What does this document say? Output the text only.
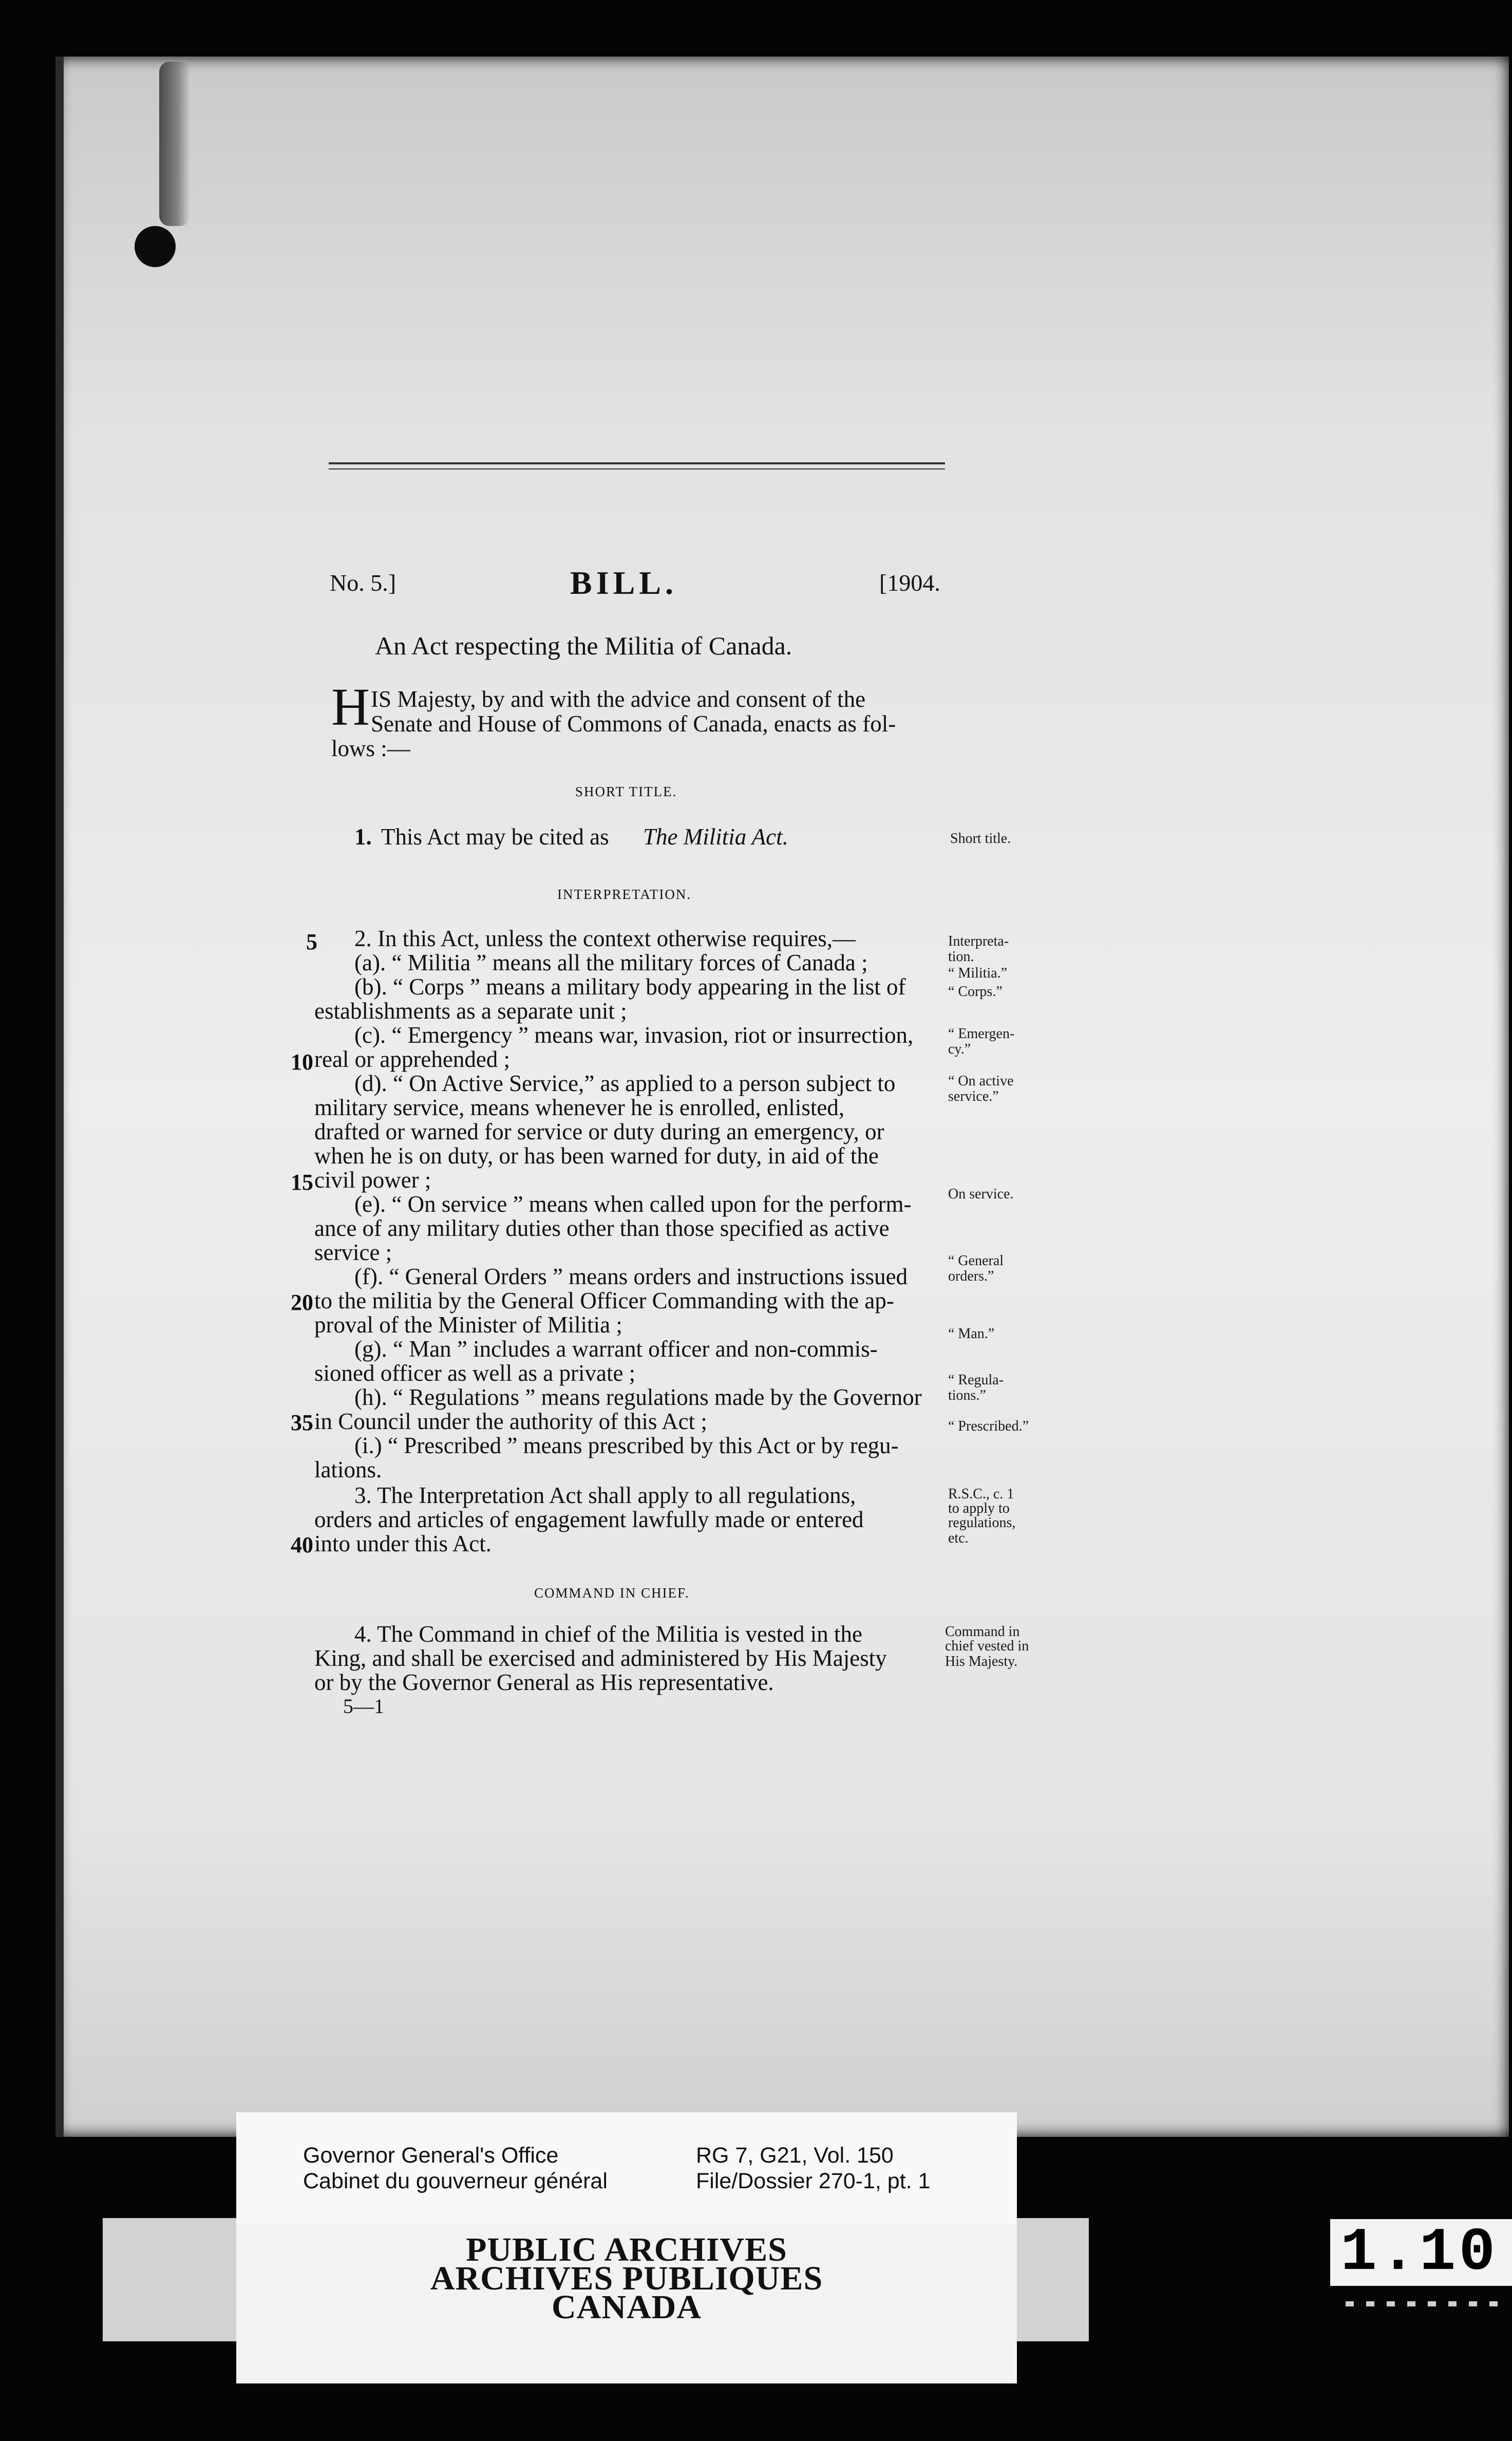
No. 5.]	BILL.	[1904.
An Act respecting the Militia of Canada.
H IS Majesty, by and with the advice and consent of the
Senate and House of Commons of Canada, enacts as fol-
lows :—
SHORT TITLE.
1. This Act may be cited as The Militia Act.	Short title.
INTERPRETATION.
2. In this Act, unless the context otherwise requires,—
(a). “ Militia ” means all the military forces of Canada ;
(b). “ Corps ” means a military body appearing in the list of
establishments as a separate unit ;
(c). “ Emergency ” means war, invasion, riot or insurrection,
real or apprehended ;
(d). “ On Active Service,” as applied to a person subject to
military service, means whenever he is enrolled, enlisted,
drafted or warned for service or duty during an emergency, or
when he is on duty, or has been warned for duty, in aid of the
civil power ;
(e). “ On service ” means when called upon for the perform-
ance of any military duties other than those specified as active
service ;
(f). “ General Orders ” means orders and instructions issued
to the militia by the General Officer Commanding with the ap-
proval of the Minister of Militia ;
(g). “ Man ” includes a warrant officer and non-commis-
sioned officer as well as a private ;
(h). “ Regulations ” means regulations made by the Governor
in Council under the authority of this Act ;
(i.) “ Prescribed ” means prescribed by this Act or by regu-
lations.
3. The Interpretation Act shall apply to all regulations,
orders and articles of engagement lawfully made or entered
into under this Act.
COMMAND IN CHIEF.
4. The Command in chief of the Militia is vested in the
King, and shall be exercised and administered by His Majesty
or by the Governor General as His representative.
5—1
5
10
15
20
35
40
Interpreta-
tion.
“ Militia.”
“ Corps.”
“ Emergen-
cy.”
“ On active
service.”
On service.
“ General
orders.”
“ Man.”
“ Regula-
tions.”
“ Prescribed.”
R.S.C., c. 1
to apply to
regulations,
etc.
Command in
chief vested in
His Majesty.
Governor General's Office
Cabinet du gouverneur général
RG 7, G21, Vol. 150
File/Dossier 270-1, pt. 1
PUBLIC ARCHIVES
ARCHIVES PUBLIQUES
CANADA
1.10
